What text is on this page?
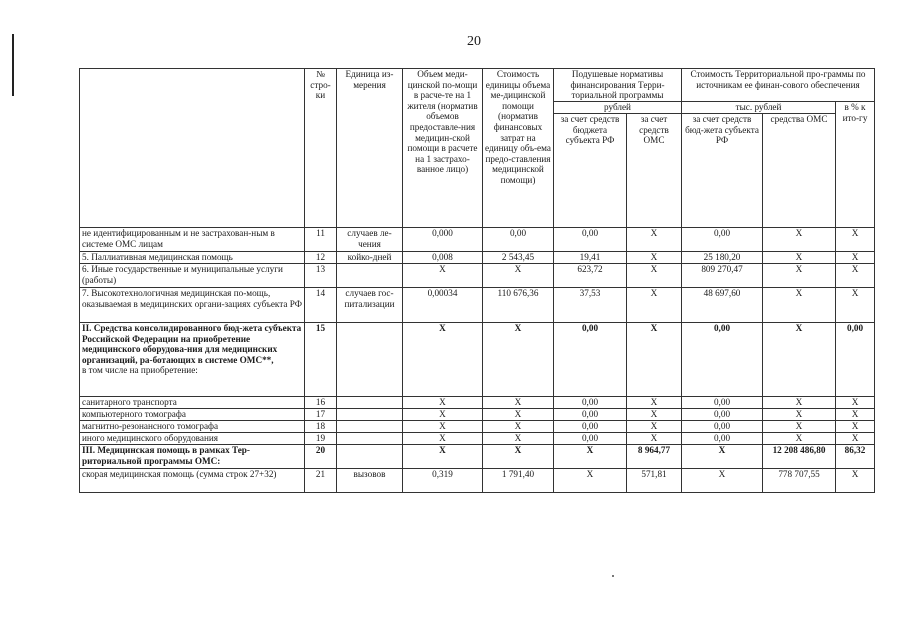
20
	№ стро-ки	Единица из-мерения	Объем меди-цинской по-мощи в расче-те на 1 жителя (норматив объемов предоставле-ния медицин-ской помощи в расчете на 1 застрахо-ванное лицо)	Стоимость единицы объема ме-дицинской помощи (норматив финансовых затрат на единицу объ-ема предо-ставления медицинской помощи)	Подушевые нормативы финансирования Терри-ториальной программы		Стоимость Территориальной про-граммы по источникам ее финан-сового обеспечения		
					рублей		тыс. рублей		в % к ито-гу
					за счет средств бюджета субъекта РФ	за счет средств ОМС	за счет средств бюд-жета субъекта РФ	средства ОМС	
не идентифицированным и не застрахован-ным в системе ОМС лицам	11	случаев ле-чения	0,000	0,00	0,00	Х	0,00	Х	Х
5. Паллиативная медицинская помощь	12	койко-дней	0,008	2 543,45	19,41	Х	25 180,20	Х	Х
6. Иные государственные и муниципальные услуги (работы)	13		Х	Х	623,72	Х	809 270,47	Х	Х
7. Высокотехнологичная медицинская по-мощь, оказываемая в медицинских органи-зациях субъекта РФ	14	случаев гос-питализации	0,00034	110 676,36	37,53	Х	48 697,60	Х	Х

II. Средства консолидированного бюд-жета субъекта Российской Федерации на приобретение медицинского оборудова-ния для медицинских организаций, ра-ботающих в системе ОМС**,
в том числе на приобретение:	15		Х	Х	0,00	Х	0,00	Х	0,00
санитарного транспорта	16		Х	Х	0,00	Х	0,00	Х	Х
компьютерного томографа	17		Х	Х	0,00	Х	0,00	Х	Х
магнитно-резонансного томографа	18		Х	Х	0,00	Х	0,00	Х	Х
иного медицинского оборудования	19		Х	Х	0,00	Х	0,00	Х	Х
III. Медицинская помощь в рамках Тер-риториальной программы ОМС:	20		Х	Х	Х	8 964,77	Х	12 208 486,80	86,32
скорая медицинская помощь (сумма строк 27+32)	21	вызовов	0,319	1 791,40	Х	571,81	Х	778 707,55	Х
